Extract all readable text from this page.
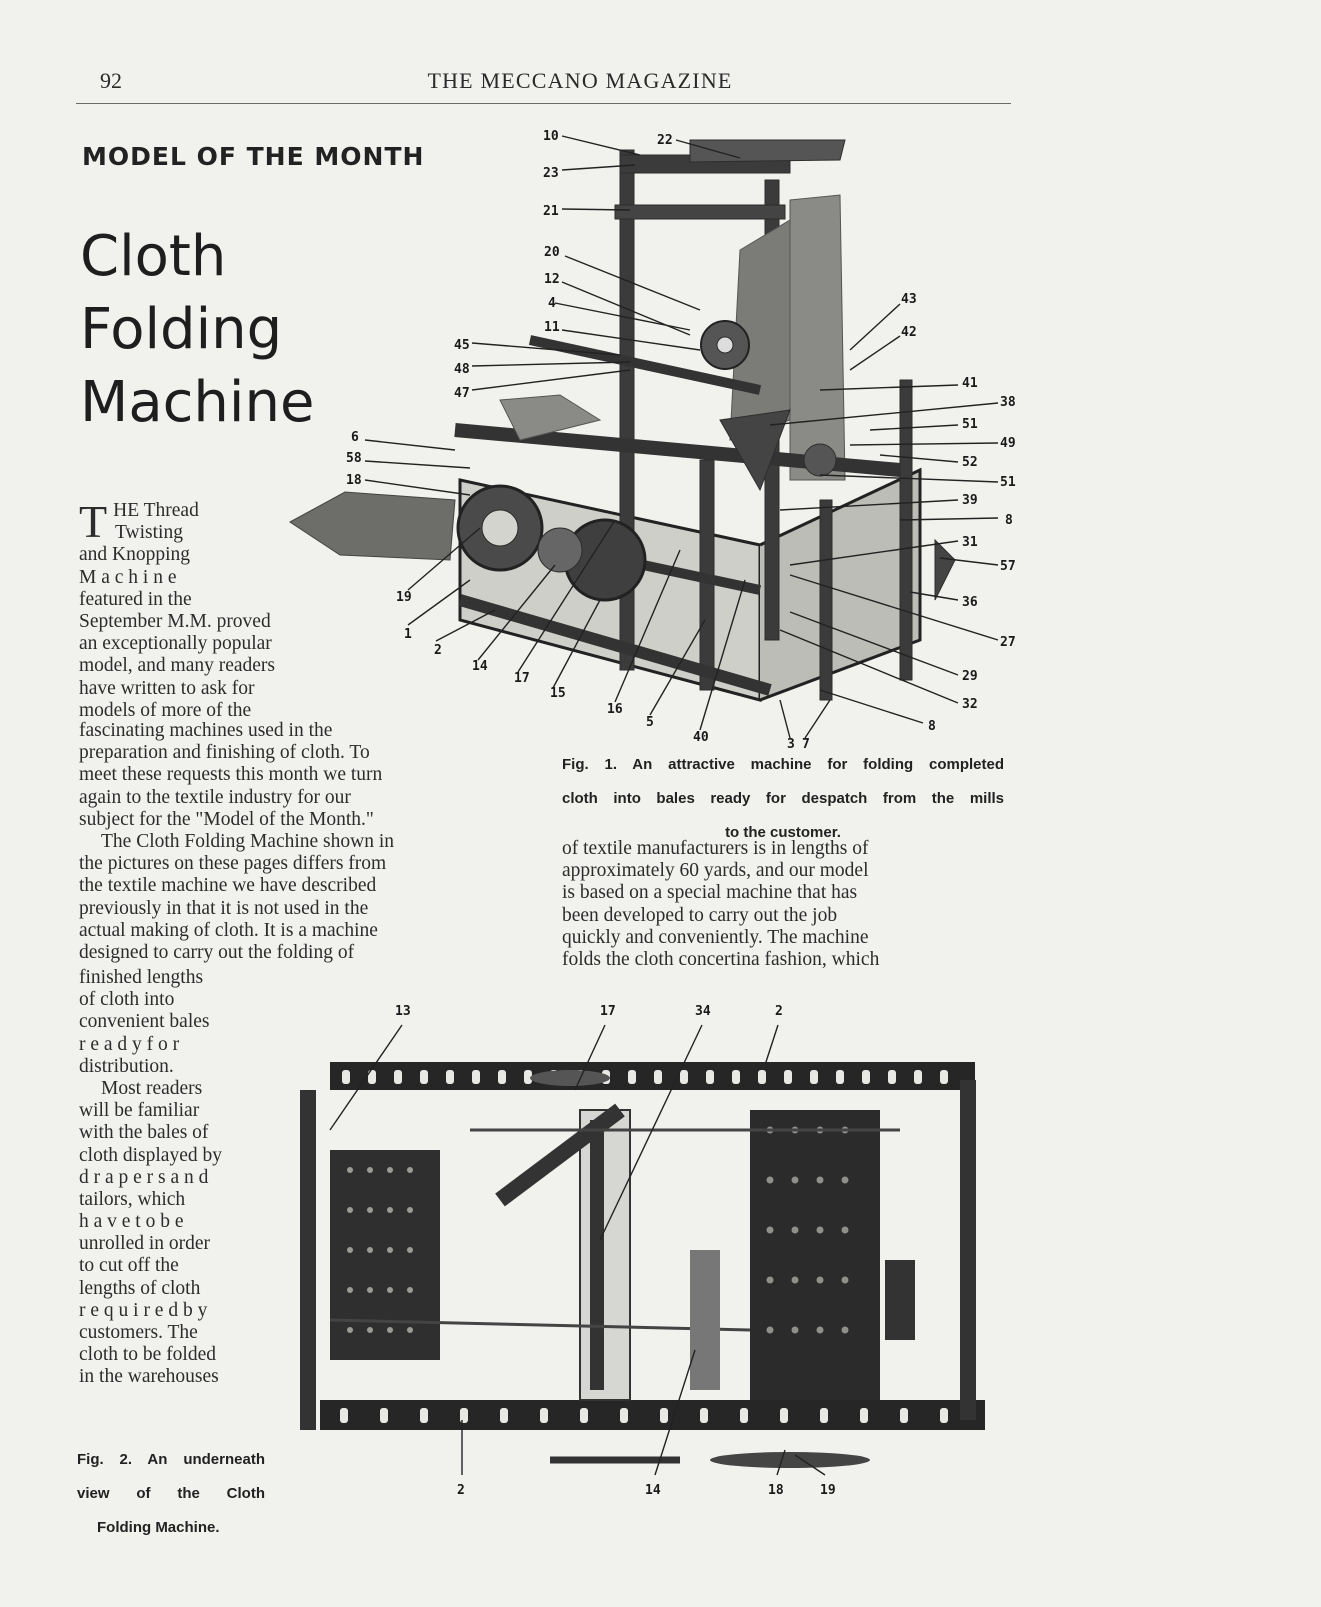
92	THE MECCANO MAGAZINE
MODEL OF THE MONTH
Cloth
Folding
Machine
10	22
23
21
20
12
4
11
45
48
47
43
42
41
38
51
49
52
51
39
8
31
57
36
27
29
32
8
6
58
18
19
1
2
14
17
15
16
5
40	3 7
Fig. 1. An attractive machine for folding completed
cloth into bales ready for despatch from the mills
to the customer.
T HE Thread
Twisting
and Knopping
M a c h i n e
featured in the
September M.M. proved
an exceptionally popular
model, and many readers
have written to ask for
models of more of the
fascinating machines used in the
preparation and finishing of cloth. To
meet these requests this month we turn
again to the textile industry for our
subject for the "Model of the Month."
The Cloth Folding Machine shown in
the pictures on these pages differs from
the textile machine we have described
previously in that it is not used in the
actual making of cloth. It is a machine
designed to carry out the folding of
finished lengths
of cloth into
convenient bales
r e a d y f o r
distribution.
Most readers
will be familiar
with the bales of
cloth displayed by
d r a p e r s a n d
tailors, which
h a v e t o b e
unrolled in order
to cut off the
lengths of cloth
r e q u i r e d b y
customers. The
cloth to be folded
in the warehouses
of textile manufacturers is in lengths of
approximately 60 yards, and our model
is based on a special machine that has
been developed to carry out the job
quickly and conveniently. The machine
folds the cloth concertina fashion, which
13	17	34	2
2	14	18	19
Fig. 2. An underneath
view of the Cloth
Folding Machine.
